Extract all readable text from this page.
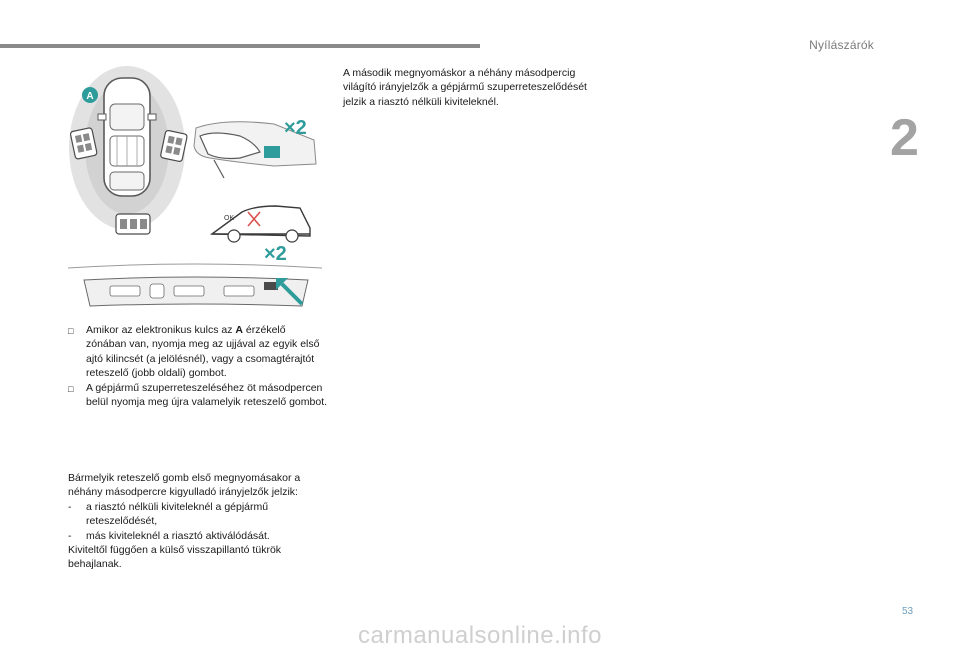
Nyílászárók
2
A
×2
OK
×2
□	Amikor az elektronikus kulcs az A érzékelő zónában van, nyomja meg az ujjával az egyik első ajtó kilincsét (a jelölésnél), vagy a csomagtérajtót reteszelő (jobb oldali) gombot.
□	A gépjármű szuperreteszeléséhez öt másodpercen belül nyomja meg újra valamelyik reteszelő gombot.
Bármelyik reteszelő gomb első megnyomásakor a néhány másodpercre kigyulladó irányjelzők jelzik:
-	a riasztó nélküli kiviteleknél a gépjármű reteszelődését,
-	más kiviteleknél a riasztó aktiválódását.
Kiviteltől függően a külső visszapillantó tükrök behajlanak.
A második megnyomáskor a néhány másodpercig világító irányjelzők a gépjármű szuperreteszelődését jelzik a riasztó nélküli kiviteleknél.
53
carmanualsonline.info
